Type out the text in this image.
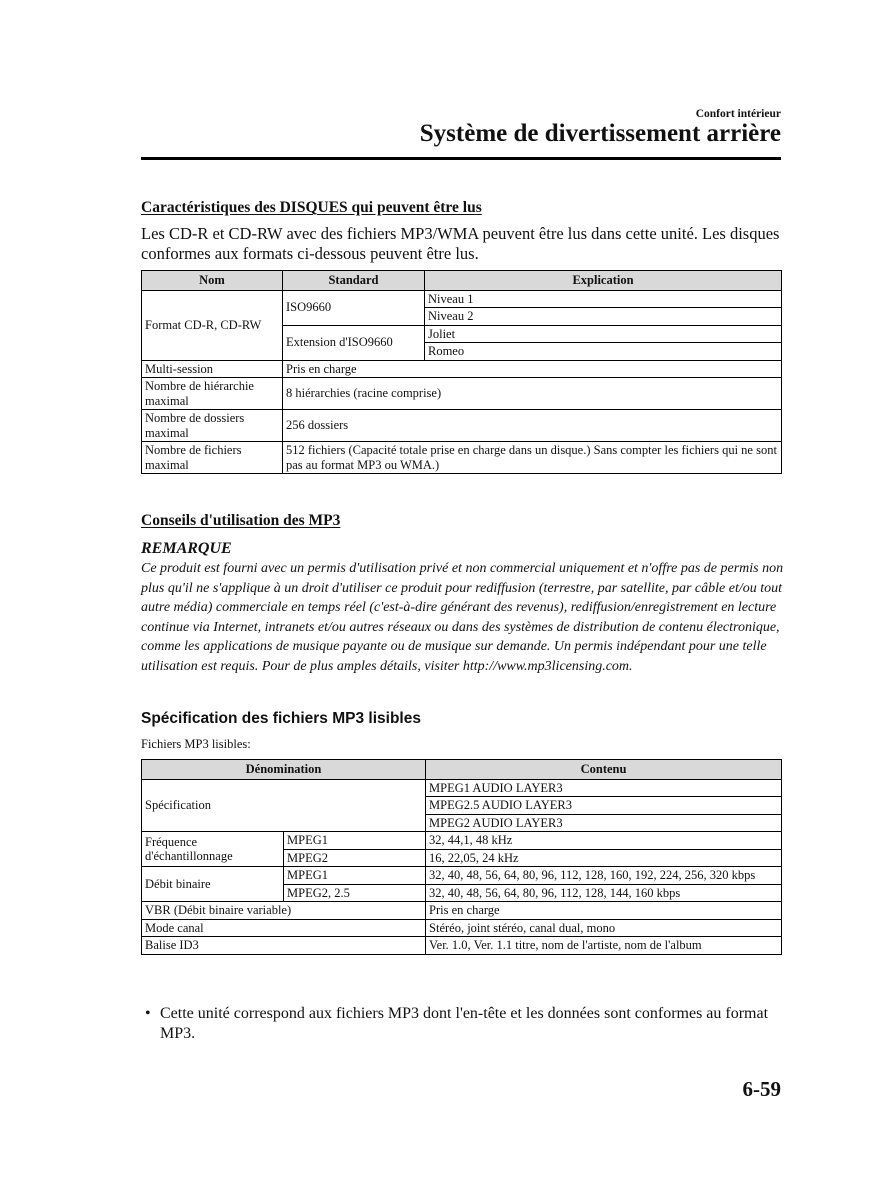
Confort intérieur
Système de divertissement arrière
Caractéristiques des DISQUES qui peuvent être lus
Les CD-R et CD-RW avec des fichiers MP3/WMA peuvent être lus dans cette unité. Les disques conformes aux formats ci-dessous peuvent être lus.
Nom	Standard	Explication
Format CD-R, CD-RW	ISO9660	Niveau 1
		Niveau 2
	Extension d'ISO9660	Joliet
		Romeo
Multi-session	Pris en charge	
Nombre de hiérarchie maximal	8 hiérarchies (racine comprise)	
Nombre de dossiers maximal	256 dossiers	
Nombre de fichiers maximal	512 fichiers (Capacité totale prise en charge dans un disque.) Sans compter les fichiers qui ne sont pas au format MP3 ou WMA.)	
Conseils d'utilisation des MP3
REMARQUE
Ce produit est fourni avec un permis d'utilisation privé et non commercial uniquement et n'offre pas de permis non plus qu'il ne s'applique à un droit d'utiliser ce produit pour rediffusion (terrestre, par satellite, par câble et/ou tout autre média) commerciale en temps réel (c'est-à-dire générant des revenus), rediffusion/enregistrement en lecture continue via Internet, intranets et/ou autres réseaux ou dans des systèmes de distribution de contenu électronique, comme les applications de musique payante ou de musique sur demande. Un permis indépendant pour une telle utilisation est requis. Pour de plus amples détails, visiter http://www.mp3licensing.com.
Spécification des fichiers MP3 lisibles
Fichiers MP3 lisibles:
Dénomination		Contenu
Spécification		MPEG1 AUDIO LAYER3
		MPEG2.5 AUDIO LAYER3
		MPEG2 AUDIO LAYER3
Fréquence d'échantillonnage	MPEG1	32, 44,1, 48 kHz
	MPEG2	16, 22,05, 24 kHz
Débit binaire	MPEG1	32, 40, 48, 56, 64, 80, 96, 112, 128, 160, 192, 224, 256, 320 kbps
	MPEG2, 2.5	32, 40, 48, 56, 64, 80, 96, 112, 128, 144, 160 kbps
VBR (Débit binaire variable)		Pris en charge
Mode canal		Stéréo, joint stéréo, canal dual, mono
Balise ID3		Ver. 1.0, Ver. 1.1 titre, nom de l'artiste, nom de l'album
• Cette unité correspond aux fichiers MP3 dont l'en-tête et les données sont conformes au format MP3.
6-59
